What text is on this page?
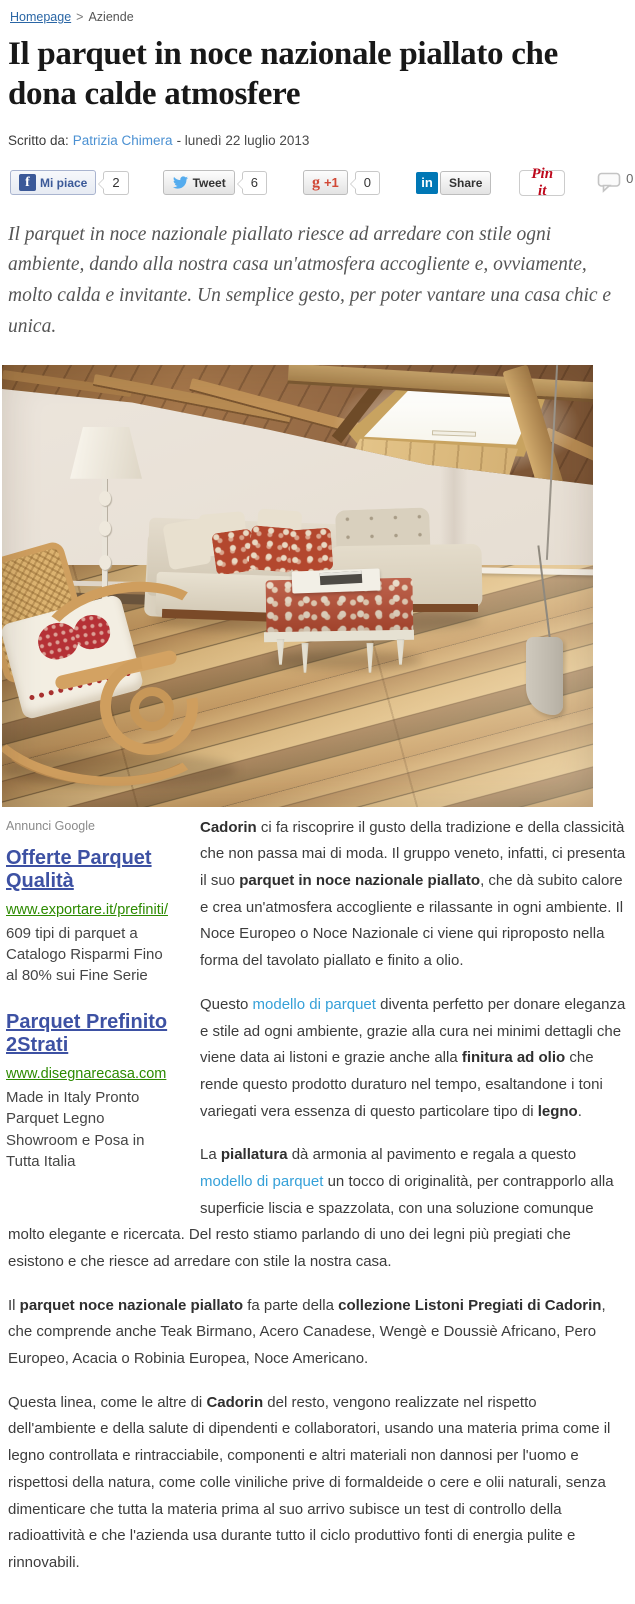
Homepage > Aziende
Il parquet in noce nazionale piallato che dona calde atmosfere

Scritto da: Patrizia Chimera - lunedì 22 luglio 2013

f Mi piace	2	Tweet	6	g +1	0	in	Share
Pin it
0

Il parquet in noce nazionale piallato riesce ad arredare con stile ogni ambiente, dando alla nostra casa un'atmosfera accogliente e, ovviamente, molto calda e invitante. Un semplice gesto, per poter vantare una casa chic e unica.

Annunci Google
Offerte Parquet Qualità
www.exportare.it/prefiniti/
609 tipi di parquet a Catalogo Risparmi Fino al 80% sui Fine Serie
Parquet Prefinito 2Strati
www.disegnarecasa.com
Made in Italy Pronto Parquet Legno Showroom e Posa in Tutta Italia

Cadorin ci fa riscoprire il gusto della tradizione e della classicità che non passa mai di moda. Il gruppo veneto, infatti, ci presenta il suo parquet in noce nazionale piallato, che dà subito calore e crea un'atmosfera accogliente e rilassante in ogni ambiente. Il Noce Europeo o Noce Nazionale ci viene qui riproposto nella forma del tavolato piallato e finito a olio.

Questo modello di parquet diventa perfetto per donare eleganza e stile ad ogni ambiente, grazie alla cura nei minimi dettagli che viene data ai listoni e grazie anche alla finitura ad olio che rende questo prodotto duraturo nel tempo, esaltandone i toni variegati vera essenza di questo particolare tipo di legno.

La piallatura dà armonia al pavimento e regala a questo modello di parquet un tocco di originalità, per contrapporlo alla superficie liscia e spazzolata, con una soluzione comunque molto elegante e ricercata. Del resto stiamo parlando di uno dei legni più pregiati che esistono e che riesce ad arredare con stile la nostra casa.

Il parquet noce nazionale piallato fa parte della collezione Listoni Pregiati di Cadorin, che comprende anche Teak Birmano, Acero Canadese, Wengè e Doussiè Africano, Pero Europeo, Acacia o Robinia Europea, Noce Americano.

Questa linea, come le altre di Cadorin del resto, vengono realizzate nel rispetto dell'ambiente e della salute di dipendenti e collaboratori, usando una materia prima come il legno controllata e rintracciabile, componenti e altri materiali non dannosi per l'uomo e rispettosi della natura, come colle viniliche prive di formaldeide o cere e olii naturali, senza dimenticare che tutta la materia prima al suo arrivo subisce un test di controllo della radioattività e che l'azienda usa durante tutto il ciclo produttivo fonti di energia pulite e rinnovabili.
